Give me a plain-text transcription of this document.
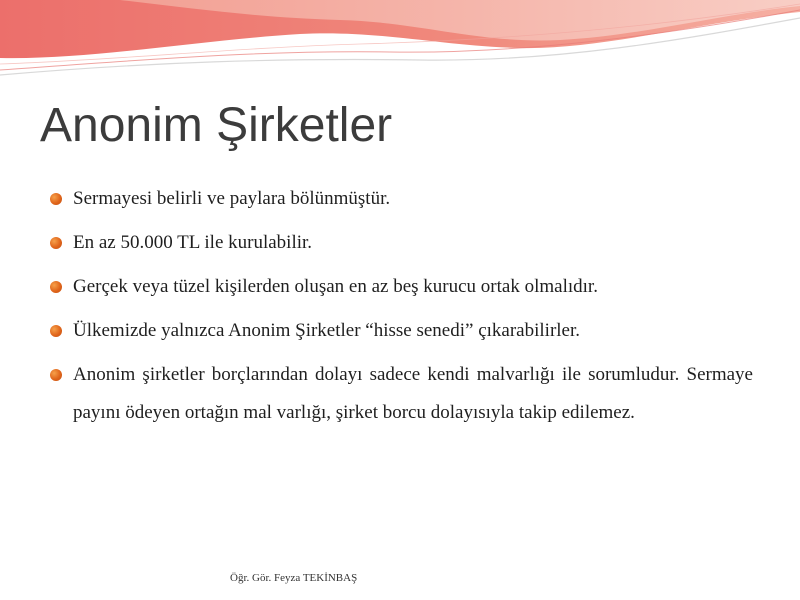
Anonim Şirketler
Sermayesi belirli ve paylara bölünmüştür.
En az 50.000 TL ile kurulabilir.
Gerçek veya tüzel kişilerden oluşan en az beş kurucu ortak olmalıdır.
Ülkemizde yalnızca Anonim Şirketler “hisse senedi” çıkarabilirler.
Anonim şirketler borçlarından dolayı sadece kendi malvarlığı ile sorumludur. Sermaye payını ödeyen ortağın mal varlığı, şirket borcu dolayısıyla takip edilemez.
Öğr. Gör. Feyza TEKİNBAŞ
